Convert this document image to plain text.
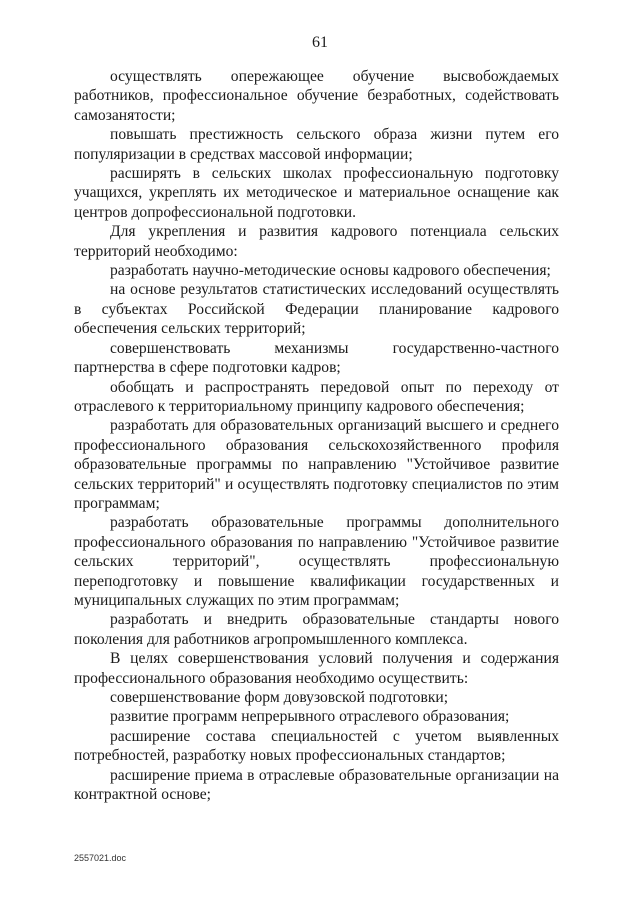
61

осуществлять опережающее обучение высвобождаемых работников, профессиональное обучение безработных, содействовать самозанятости;

повышать престижность сельского образа жизни путем его популяризации в средствах массовой информации;

расширять в сельских школах профессиональную подготовку учащихся, укреплять их методическое и материальное оснащение как центров допрофессиональной подготовки.

Для укрепления и развития кадрового потенциала сельских территорий необходимо:

разработать научно-методические основы кадрового обеспечения;

на основе результатов статистических исследований осуществлять в субъектах Российской Федерации планирование кадрового обеспечения сельских территорий;

совершенствовать механизмы государственно-частного партнерства в сфере подготовки кадров;

обобщать и распространять передовой опыт по переходу от отраслевого к территориальному принципу кадрового обеспечения;

разработать для образовательных организаций высшего и среднего профессионального образования сельскохозяйственного профиля образовательные программы по направлению "Устойчивое развитие сельских территорий" и осуществлять подготовку специалистов по этим программам;

разработать образовательные программы дополнительного профессионального образования по направлению "Устойчивое развитие сельских территорий", осуществлять профессиональную переподготовку и повышение квалификации государственных и муниципальных служащих по этим программам;

разработать и внедрить образовательные стандарты нового поколения для работников агропромышленного комплекса.

В целях совершенствования условий получения и содержания профессионального образования необходимо осуществить:

совершенствование форм довузовской подготовки;

развитие программ непрерывного отраслевого образования;

расширение состава специальностей с учетом выявленных потребностей, разработку новых профессиональных стандартов;

расширение приема в отраслевые образовательные организации на контрактной основе;

2557021.doc
